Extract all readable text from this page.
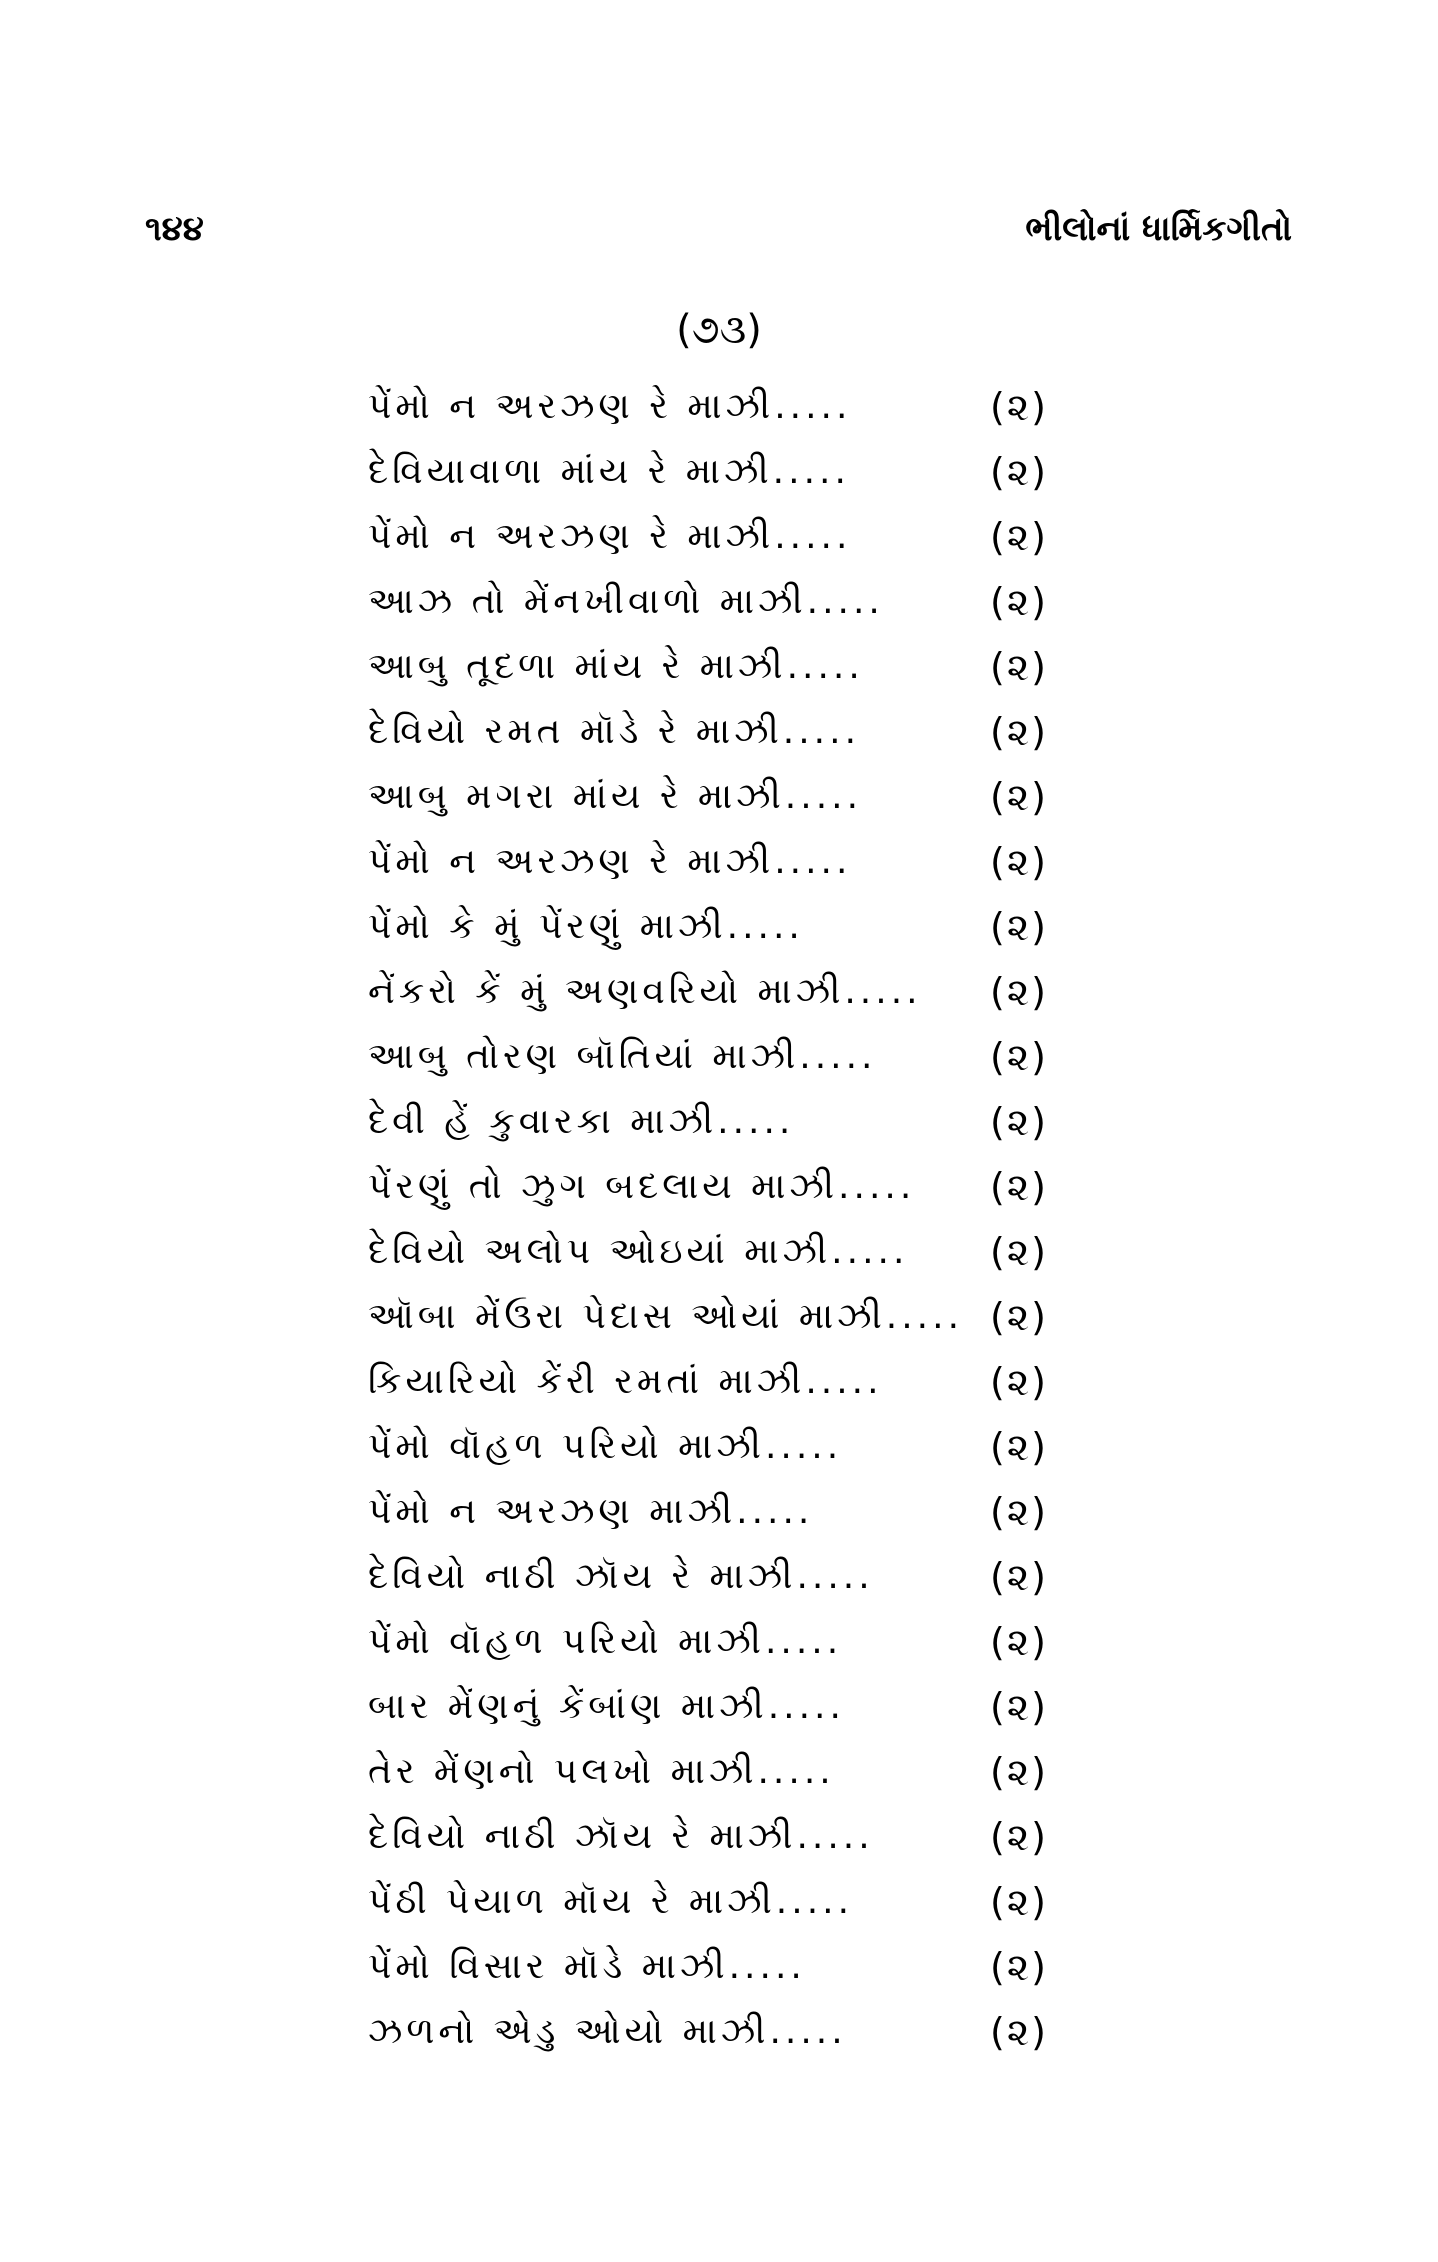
૧૪૪	ભીલોનાં ધાર્મિકગીતો
(૭૩)
પેંમો ન અરઝણ રે માઝી.....	(૨)
દેવિયાવાળા માંય રે માઝી.....	(૨)
પેંમો ન અરઝણ રે માઝી.....	(૨)
આઝ તો મેંનખીવાળો માઝી.....	(૨)
આબુ તૂદળા માંય રે માઝી.....	(૨)
દેવિયો રમત મૉડે રે માઝી.....	(૨)
આબુ મગરા માંય રે માઝી.....	(૨)
પેંમો ન અરઝણ રે માઝી.....	(૨)
પેંમો કે મું પેંરણું માઝી.....	(૨)
નેંકરો કેં મું અણવરિયો માઝી..... (૨)
આબુ તોરણ બૉતિયાં માઝી.....	(૨)
દેવી હેં કુવારકા માઝી.....	(૨)
પેંરણું તો ઝુગ બદલાય માઝી..... (૨)
દેવિયો અલોપ ઓઇયાં માઝી..... (૨)
ઑબા મેંઉરા પેદાસ ઓયાં માઝી..... (૨)
કિયારિયો કેંરી રમતાં માઝી.....	(૨)
પેંમો વૉહળ પરિયો માઝી.....	(૨)
પેંમો ન અરઝણ માઝી.....	(૨)
દેવિયો નાઠી ઝૉય રે માઝી.....	(૨)
પેંમો વૉહળ પરિયો માઝી.....	(૨)
બાર મેંણનું કેંબાંણ માઝી.....	(૨)
તેર મેંણનો પલખો માઝી.....	(૨)
દેવિયો નાઠી ઝૉય રે માઝી.....	(૨)
પેંઠી પેયાળ મૉય રે માઝી.....	(૨)
પેંમો વિસાર મૉડે માઝી.....	(૨)
ઝળનો એડુ ઓયો માઝી.....	(૨)
